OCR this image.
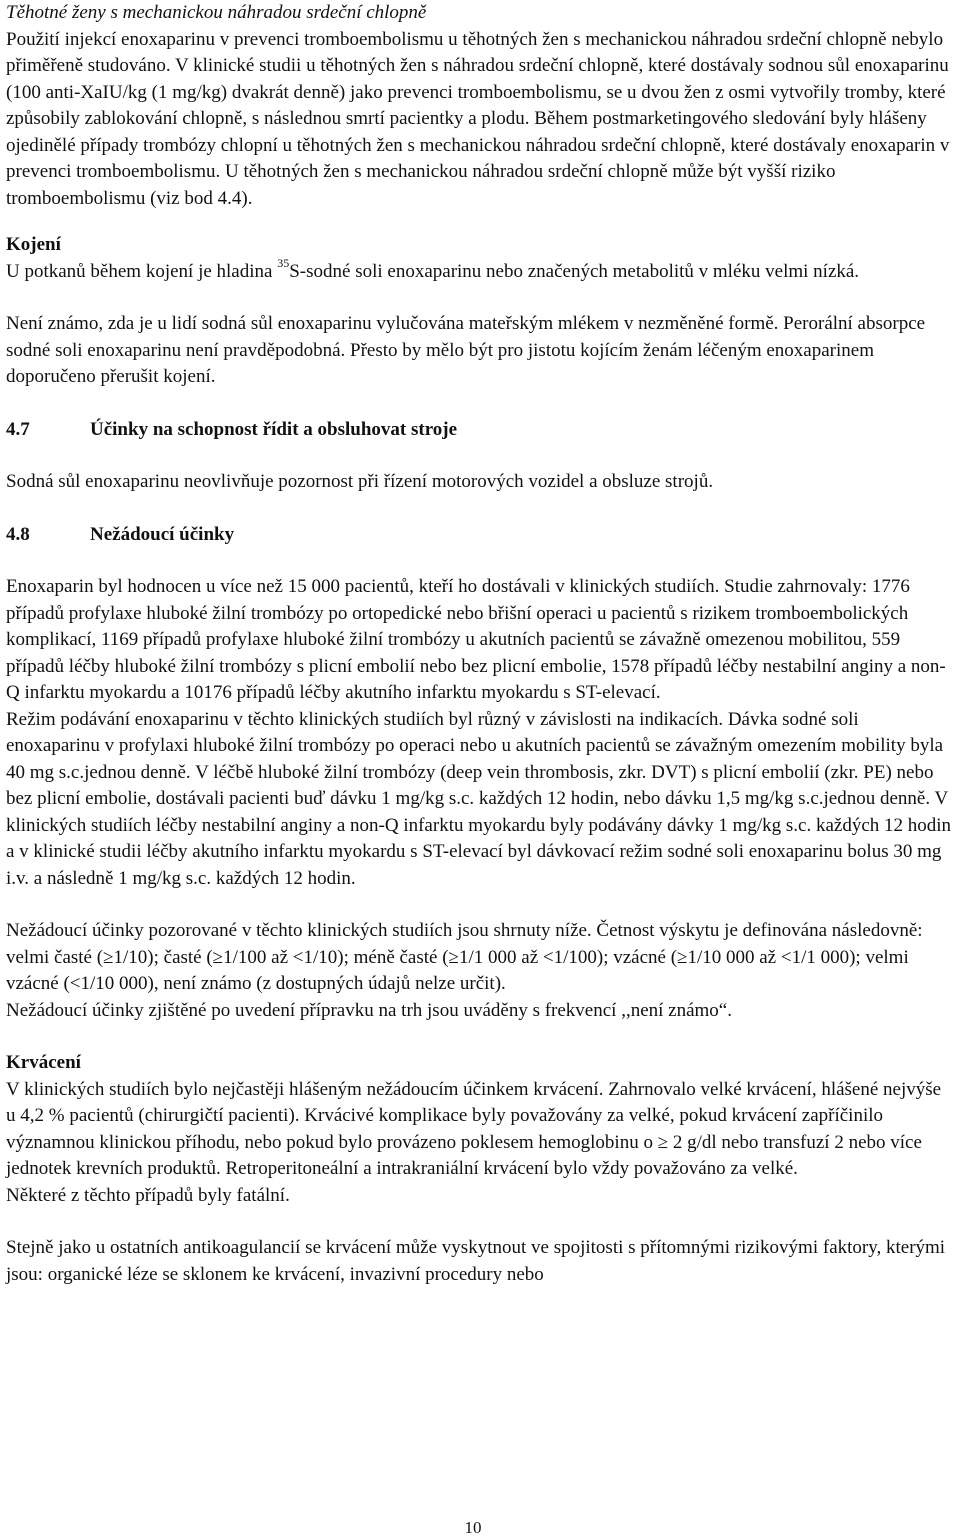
Těhotné ženy s mechanickou náhradou srdeční chlopně

Použití injekcí enoxaparinu v prevenci tromboembolismu u těhotných žen s mechanickou náhradou srdeční chlopně nebylo přiměřeně studováno. V klinické studii u těhotných žen s náhradou srdeční chlopně, které dostávaly sodnou sůl enoxaparinu (100 anti-XaIU/kg (1 mg/kg) dvakrát denně) jako prevenci tromboembolismu, se u dvou žen z osmi vytvořily tromby, které způsobily zablokování chlopně, s následnou smrtí pacientky a plodu. Během postmarketingového sledování byly hlášeny ojedinělé případy trombózy chlopní u těhotných žen s mechanickou náhradou srdeční chlopně, které dostávaly enoxaparin v prevenci tromboembolismu. U těhotných žen s mechanickou náhradou srdeční chlopně může být vyšší riziko tromboembolismu (viz bod 4.4).

Kojení

U potkanů během kojení je hladina $^{35}$S-sodné soli enoxaparinu nebo značených metabolitů v mléku velmi nízká.

Není známo, zda je u lidí sodná sůl enoxaparinu vylučována mateřským mlékem v nezměněné formě. Perorální absorpce sodné soli enoxaparinu není pravděpodobná. Přesto by mělo být pro jistotu kojícím ženám léčeným enoxaparinem doporučeno přerušit kojení.

4.7	Účinky na schopnost řídit a obsluhovat stroje

Sodná sůl enoxaparinu neovlivňuje pozornost při řízení motorových vozidel a obsluze strojů.

4.8	Nežádoucí účinky

Enoxaparin byl hodnocen u více než 15 000 pacientů, kteří ho dostávali v klinických studiích. Studie zahrnovaly: 1776 případů profylaxe hluboké žilní trombózy po ortopedické nebo břišní operaci u pacientů s rizikem tromboembolických komplikací, 1169 případů profylaxe hluboké žilní trombózy u akutních pacientů se závažně omezenou mobilitou, 559 případů léčby hluboké žilní trombózy s plicní embolií nebo bez plicní embolie, 1578 případů léčby nestabilní anginy a non-Q infarktu myokardu a 10176 případů léčby akutního infarktu myokardu s ST-elevací.

Režim podávání enoxaparinu v těchto klinických studiích byl různý v závislosti na indikacích. Dávka sodné soli enoxaparinu v profylaxi hluboké žilní trombózy po operaci nebo u akutních pacientů se závažným omezením mobility byla 40 mg s.c.jednou denně. V léčbě hluboké žilní trombózy (deep vein thrombosis, zkr. DVT) s plicní embolií (zkr. PE) nebo bez plicní embolie, dostávali pacienti buď dávku 1 mg/kg s.c. každých 12 hodin, nebo dávku 1,5 mg/kg s.c.jednou denně. V klinických studiích léčby nestabilní anginy a non-Q infarktu myokardu byly podávány dávky 1 mg/kg s.c. každých 12 hodin a v klinické studii léčby akutního infarktu myokardu s ST-elevací byl dávkovací režim sodné soli enoxaparinu bolus 30 mg i.v. a následně 1 mg/kg s.c. každých 12 hodin.

Nežádoucí účinky pozorované v těchto klinických studiích jsou shrnuty níže. Četnost výskytu je definována následovně: velmi časté (≥1/10); časté (≥1/100 až <1/10); méně časté (≥1/1 000 až <1/100); vzácné (≥1/10 000 až <1/1 000); velmi vzácné (<1/10 000), není známo (z dostupných údajů nelze určit).

Nežádoucí účinky zjištěné po uvedení přípravku na trh jsou uváděny s frekvencí ,,není známo“.

Krvácení

V klinických studiích bylo nejčastěji hlášeným nežádoucím účinkem krvácení. Zahrnovalo velké krvácení, hlášené nejvýše u 4,2 % pacientů (chirurgičtí pacienti). Krvácivé komplikace byly považovány za velké, pokud krvácení zapříčinilo významnou klinickou příhodu, nebo pokud bylo provázeno poklesem hemoglobinu o ≥ 2 g/dl nebo transfuzí 2 nebo více jednotek krevních produktů. Retroperitoneální a intrakraniální krvácení bylo vždy považováno za velké.

Některé z těchto případů byly fatální.

Stejně jako u ostatních antikoagulancií se krvácení může vyskytnout ve spojitosti s přítomnými rizikovými faktory, kterými jsou: organické léze se sklonem ke krvácení, invazivní procedury nebo

10
